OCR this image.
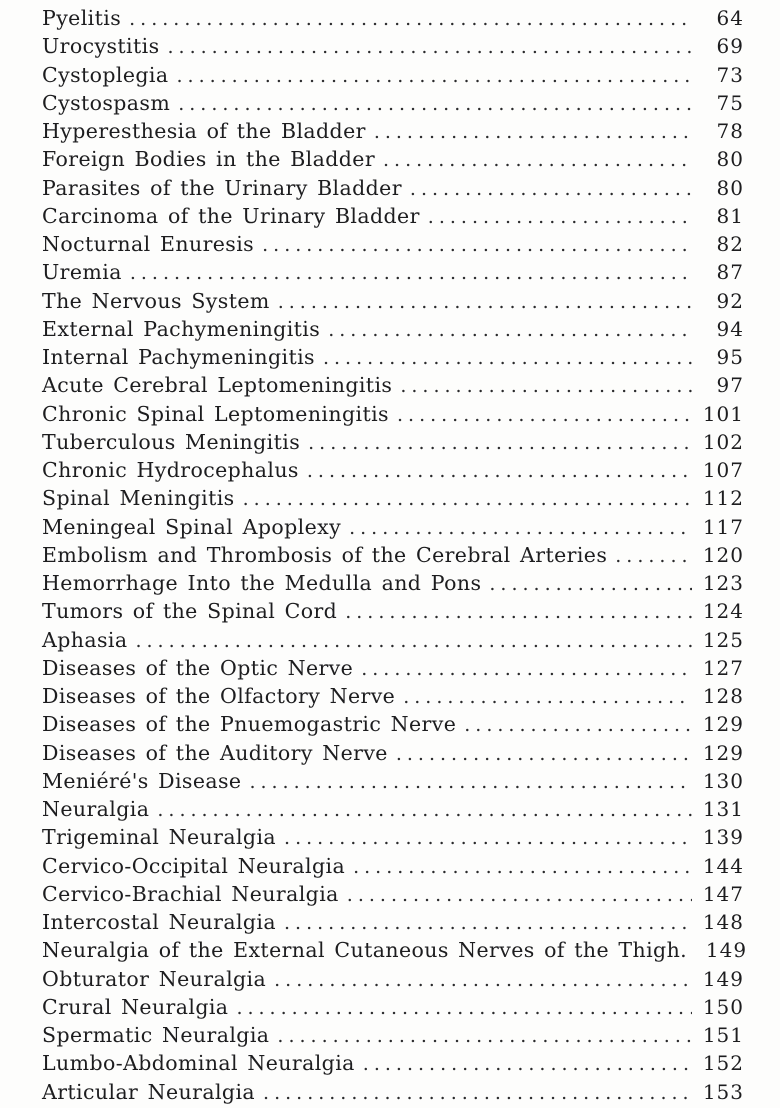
Pyelitis .....	64
Urocystitis .....	69
Cystoplegia .....	73
Cystospasm .....	75
Hyperesthesia of the Bladder .....	78
Foreign Bodies in the Bladder .....	80
Parasites of the Urinary Bladder .....	80
Carcinoma of the Urinary Bladder .....	81
Nocturnal Enuresis .....	82
Uremia .....	87
The Nervous System .....	92
External Pachymeningitis .....	94
Internal Pachymeningitis .....	95
Acute Cerebral Leptomeningitis .....	97
Chronic Spinal Leptomeningitis .....	101
Tuberculous Meningitis .....	102
Chronic Hydrocephalus .....	107
Spinal Meningitis .....	112
Meningeal Spinal Apoplexy .....	117
Embolism and Thrombosis of the Cerebral Arteries .....	120
Hemorrhage Into the Medulla and Pons .....	123
Tumors of the Spinal Cord .....	124
Aphasia .....	125
Diseases of the Optic Nerve .....	127
Diseases of the Olfactory Nerve .....	128
Diseases of the Pnuemogastric Nerve .....	129
Diseases of the Auditory Nerve .....	129
Meniéré's Disease .....	130
Neuralgia .....	131
Trigeminal Neuralgia .....	139
Cervico-Occipital Neuralgia .....	144
Cervico-Brachial Neuralgia .....	147
Intercostal Neuralgia .....	148
Neuralgia of the External Cutaneous Nerves of the Thigh. 149
Obturator Neuralgia .....	149
Crural Neuralgia .....	150
Spermatic Neuralgia .....	151
Lumbo-Abdominal Neuralgia .....	152
Articular Neuralgia .....	153
